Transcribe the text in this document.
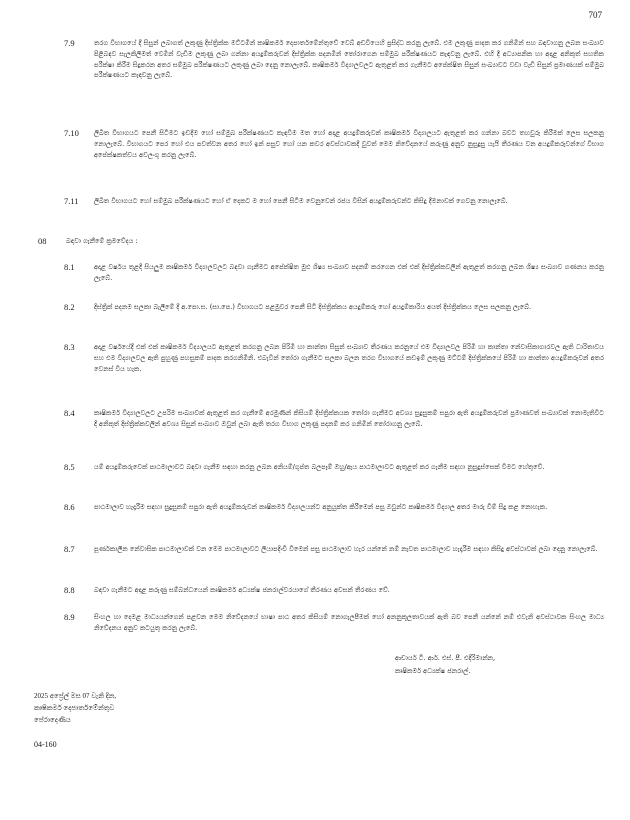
707
7.9	තරග විභාගයේ දී සිසුන් ලබාගත් ලකුණු දිස්ත්‍රික්ක මට්ටමින් කෘෂිකර්ම දෙපාර්තමේන්තුවේ වෙබ් අඩවියෙහි ප්‍රසිද්ධ කරනු ලැබේ. එම ලකුණු පාදක කර ගනිමින් සහ බඳවාගනු ලබන සංඛ්‍යාව පිළිබඳව සැලකිලිමත් වෙමින් වැඩිම ලකුණු ලබා ගන්නා අයදුම්කරුවන් දිස්ත්‍රික්ක පදනමින් තෝරාගෙන සම්මුඛ පරීක්ෂණයට කැඳවනු ලැබේ. එහි දී අධ්‍යාපනික හා අදාළ අනිකුත් සහතික පරීක්ෂා කිරීම සිදුකරන අතර සම්මුඛ පරීක්ෂණයට ලකුණු ලබා දෙනු නොලැබේ. කෘෂිකර්ම විද්‍යාලවලට ඇතුළත් කර ගැනීමට අපේක්ෂිත සිසුන් සංඛ්‍යාවට වඩා වැඩි සිසුන් ප්‍රමාණයක් සම්මුඛ පරීක්ෂණයට කැඳවනු ලැබේ.
7.10 ලිඛිත විභාගයට පෙනී සිටීමට ඉඩදීම හෝ සම්මුඛ පරීක්ෂණයට කැඳවීම මත හෝ අදාළ අයදුම්කරුවන් කෘෂිකර්ම විද්‍යාලයට ඇතුළත් කර ගන්නා බවට තහවුරු කිරීමක් ලෙස සලකනු නොලැබේ. විභාගයට පෙර හෝ එය පවත්වන අතර හෝ ඉන් පසුව හෝ යන කවර අවස්ථාවකදී වුවත් මෙම නිවේදනයේ කරුණු අනුව නුසුදුසු යැයි තීරණය වන අයදුම්කරුවන්ගේ විභාග අපේක්ෂකත්වය අවලංගු කරනු ලැබේ.
7.11 ලිඛිත විභාගයට හෝ සම්මුඛ පරීක්ෂණයට හෝ ඒ දෙකට ම හෝ පෙනී සිටීම වෙනුවෙන් රජය විසින් අයදුම්කරුවන්ට කිසිදු දීමනාවක් ගෙවනු නොලැබේ.
08	බඳවා ගැනීමේ ක්‍රමවේදය :
8.1	අදාළ වර්ෂය තුළදී සියලුම කෘෂිකර්ම විද්‍යාලවලට බඳවා ගැනීමට අපේක්ෂිත මුළු ශිෂ්‍ය සංඛ්‍යාව පදනම් කරගෙන එක් එක් දිස්ත්‍රික්කවලින් ඇතුළත් කරගනු ලබන ශිෂ්‍ය සංඛ්‍යාව ගණනය කරනු ලැබේ.
8.2	දිස්ත්‍රික් පදනම සලකා බැලීමේ දී අ.පො.ස. (සා.පෙ.) විභාගයට පළමුවර පෙනී සිටි දිස්ත්‍රික්කය අයදුම්කරු හෝ අයදුම්කාරිය අයත් දිස්ත්‍රික්කය ලෙස සලකනු ලැබේ.
8.3	අදාළ වර්ෂයේදී එක් එක් කෘෂිකර්ම විද්‍යාලයට ඇතුළත් කරගනු ලබන පිරිමි හා කාන්තා සිසුන් සංඛ්‍යාව තීරණය කරනුයේ එම විද්‍යාලවල පිරිමි හා කාන්තා නේවාසිකාගාරවල ඇති ධාරිතාවය සහ එම විද්‍යාලවල ඇති පුහුණු පහසුකම් පාදක කරගනිමිනි. එබැවින් තෝරා ගැනීමට සලකා බලන තරග විභාගයේ කඩඉම් ලකුණු මට්ටම් දිස්ත්‍රික්කයේ පිරිමි හා කාන්තා අයදුම්කරුවන් අතර වෙනස් විය හැක.
8.4	කෘෂිකර්ම විද්‍යාලවලට උපරිම සංඛ්‍යාවක් ඇතුළත් කර ගැනීමේ අරමුණින් කිසියම් දිස්ත්‍රික්කයක තෝරා ගැනීමට අවශ්‍ය සුදුසුකම් සපුරා ඇති අයදුම්කරුවන් ප්‍රමාණවත් සංඛ්‍යාවක් නොමැතිවිට දී අනිකුත් දිස්ත්‍රික්කවලින් අවශ්‍ය සිසුන් සංඛ්‍යාව ඔවුන් ලබා ඇති තරග විභාග ලකුණු පදනම් කර ගනිමින් තෝරාගනු ලැබේ.
8.5	යම් අයදුම්කරුවෙක් පාඨමාලාවට බඳවා ගැනීම සඳහා කරනු ලබන අනියම්/ගුප්ත බලපෑම් ඔහු/ඇය පාඨමාලාවට ඇතුළත් කර ගැනීම සඳහා නුසුදුස්සෙක් වීමට හේතුවේ.
8.6	පාඨමාලාව හැදෑරීම සඳහා සුදුසුකම් සපුරා ඇති අයදුම්කරුවන් කෘෂිකර්ම විද්‍යාලයන්ට අනුයුක්ත කිරීමෙන් පසු ඔවුන්ට කෘෂිකර්ම විද්‍යාල අතර මාරු වීම් සිදු කළ නොහැක.
8.7	පූර්ණකාලීන නේවාසික පාඨමාලාවක් වන මෙම පාඨමාලාවට ලියාපදිංචි වීමෙන් පසු පාඨමාලාව හැර යන්නේ නම් නැවත පාඨමාලාව හැදෑරීම සඳහා කිසිදු අවස්ථාවක් ලබා දෙනු නොලැබේ.
8.8	බඳවා ගැනීමට අදාළ කරුණු සම්බන්ධයෙන් කෘෂිකර්ම අධ්‍යක්ෂ ජනරාල්වරයාගේ තීරණය අවසන් තීරණය වේ.
8.9	සිංහල හා දෙමළ මාධ්‍යයන්ගෙන් පළවන මෙම නිවේදනයේ භාෂා පාඨ අතර කිසියම් නොගැලපීමක් හෝ අනනුකූලතාවයක් ඇති බව පෙනී යන්නේ නම් එවැනි අවස්ථාවක සිංහල මාධ්‍ය නිවේදනය අනුව කටයුතු කරනු ලැබේ.
ආචාර්ය ටී. ආර්. එස්. පී. එදිරිමාන්න,
කෘෂිකර්ම අධ්‍යක්ෂ ජනරාල්.
2025 අප්‍රේල් මස 07 වැනි දින,
කෘෂිකර්ම දෙපාර්තමේන්තුව
පේරාදෙණිය
04-160
